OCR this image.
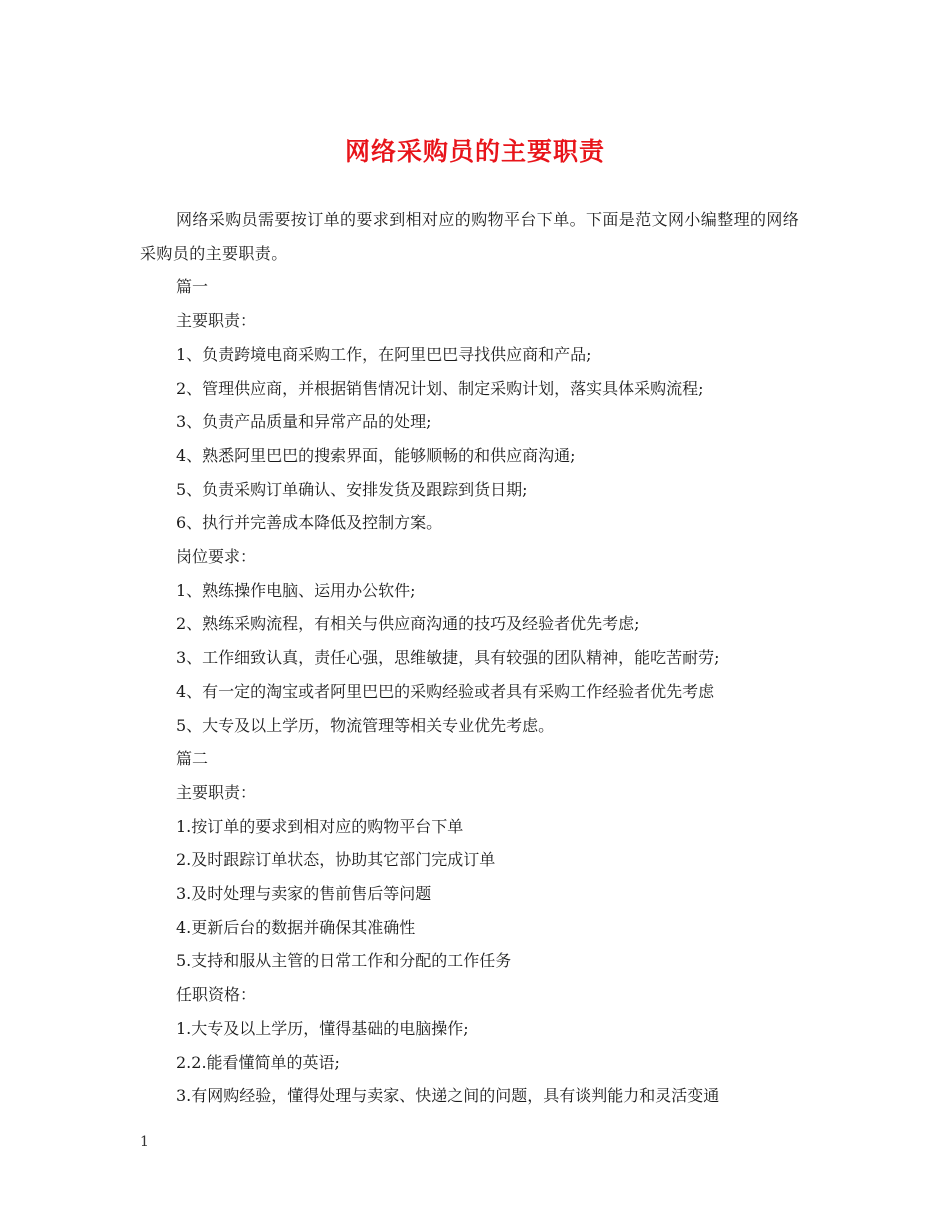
网络采购员的主要职责
网络采购员需要按订单的要求到相对应的购物平台下单。下面是范文网小编整理的网络采购员的主要职责。
篇一
主要职责：
1、负责跨境电商采购工作，在阿里巴巴寻找供应商和产品;
2、管理供应商，并根据销售情况计划、制定采购计划，落实具体采购流程;
3、负责产品质量和异常产品的处理;
4、熟悉阿里巴巴的搜索界面，能够顺畅的和供应商沟通;
5、负责采购订单确认、安排发货及跟踪到货日期;
6、执行并完善成本降低及控制方案。
岗位要求：
1、熟练操作电脑、运用办公软件;
2、熟练采购流程，有相关与供应商沟通的技巧及经验者优先考虑;
3、工作细致认真，责任心强，思维敏捷，具有较强的团队精神，能吃苦耐劳;
4、有一定的淘宝或者阿里巴巴的采购经验或者具有采购工作经验者优先考虑
5、大专及以上学历，物流管理等相关专业优先考虑。
篇二
主要职责：
1.按订单的要求到相对应的购物平台下单
2.及时跟踪订单状态，协助其它部门完成订单
3.及时处理与卖家的售前售后等问题
4.更新后台的数据并确保其准确性
5.支持和服从主管的日常工作和分配的工作任务
任职资格：
1.大专及以上学历，懂得基础的电脑操作;
2.2.能看懂简单的英语;
3.有网购经验，懂得处理与卖家、快递之间的问题，具有谈判能力和灵活变通
1
